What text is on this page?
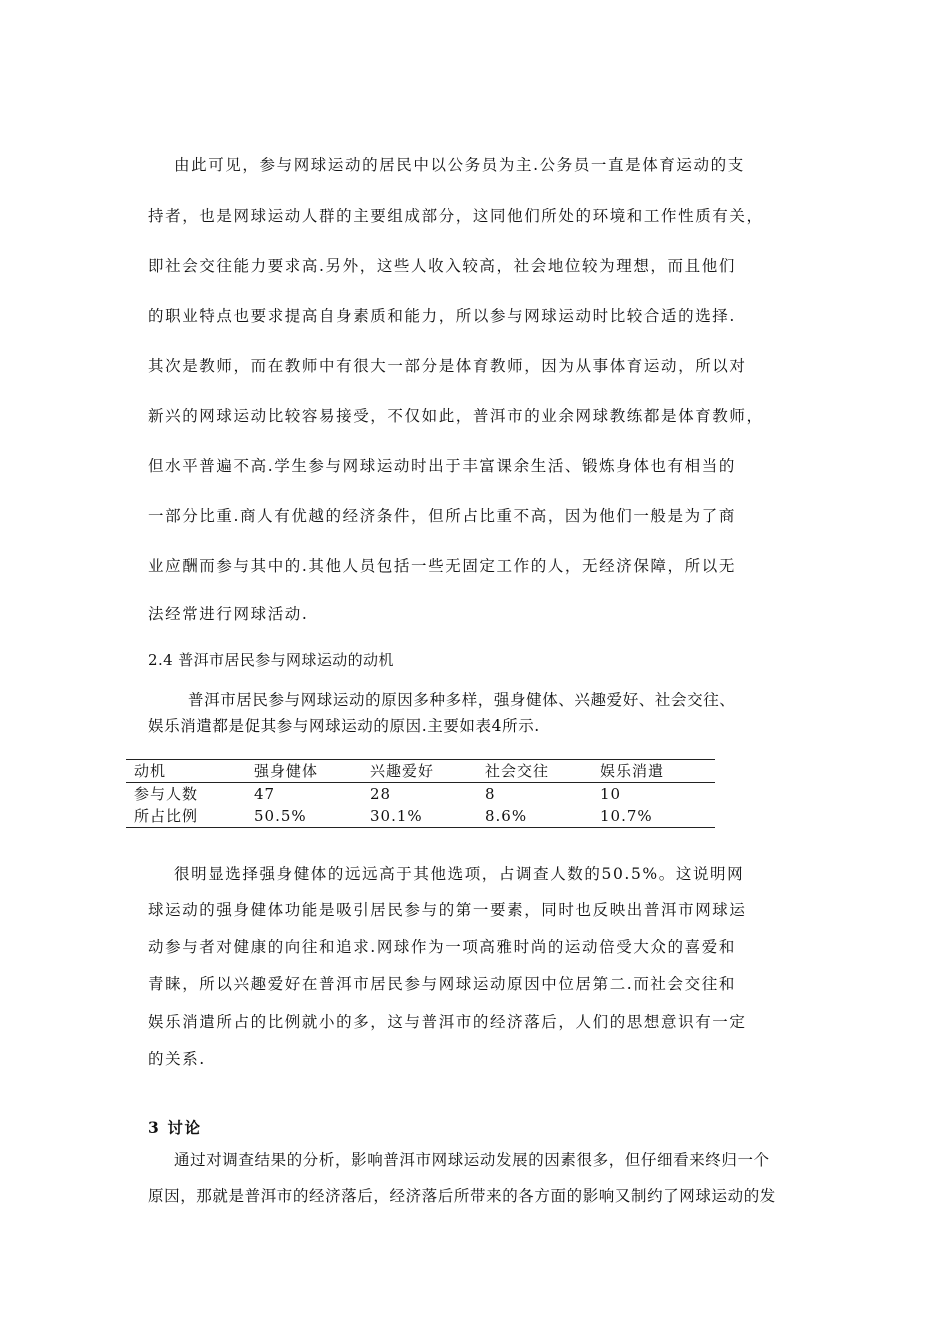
由此可见，参与网球运动的居民中以公务员为主.公务员一直是体育运动的支
持者，也是网球运动人群的主要组成部分，这同他们所处的环境和工作性质有关，
即社会交往能力要求高.另外，这些人收入较高，社会地位较为理想，而且他们
的职业特点也要求提高自身素质和能力，所以参与网球运动时比较合适的选择.
其次是教师，而在教师中有很大一部分是体育教师，因为从事体育运动，所以对
新兴的网球运动比较容易接受，不仅如此，普洱市的业余网球教练都是体育教师，
但水平普遍不高.学生参与网球运动时出于丰富课余生活、锻炼身体也有相当的
一部分比重.商人有优越的经济条件，但所占比重不高，因为他们一般是为了商
业应酬而参与其中的.其他人员包括一些无固定工作的人，无经济保障，所以无
法经常进行网球活动.
2.4 普洱市居民参与网球运动的动机
普洱市居民参与网球运动的原因多种多样，强身健体、兴趣爱好、社会交往、
娱乐消遣都是促其参与网球运动的原因.主要如表4所示.
动机	强身健体	兴趣爱好	社会交往	娱乐消遣
参与人数	47	28	8	10
所占比例	50.5%	30.1%	8.6%	10.7%
很明显选择强身健体的远远高于其他选项，占调查人数的50.5%。这说明网
球运动的强身健体功能是吸引居民参与的第一要素，同时也反映出普洱市网球运
动参与者对健康的向往和追求.网球作为一项高雅时尚的运动倍受大众的喜爱和
青睐，所以兴趣爱好在普洱市居民参与网球运动原因中位居第二.而社会交往和
娱乐消遣所占的比例就小的多，这与普洱市的经济落后，人们的思想意识有一定
的关系.
3 讨论
通过对调查结果的分析，影响普洱市网球运动发展的因素很多，但仔细看来终归一个
原因，那就是普洱市的经济落后，经济落后所带来的各方面的影响又制约了网球运动的发
